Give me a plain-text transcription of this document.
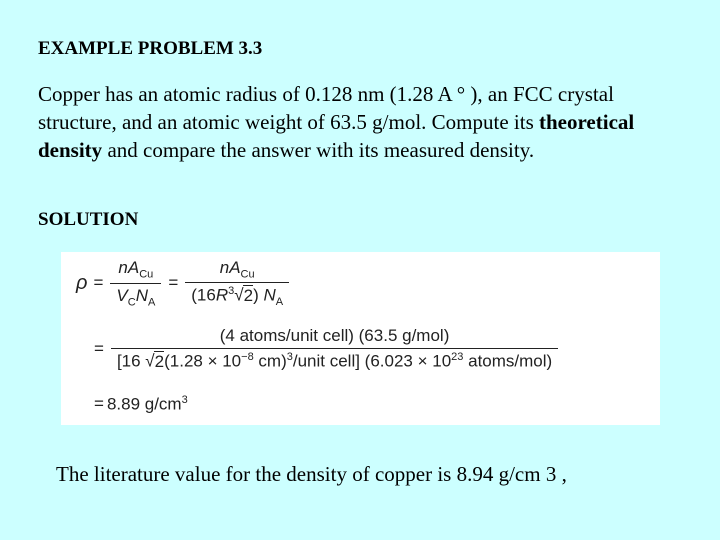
EXAMPLE PROBLEM 3.3
Copper has an atomic radius of 0.128 nm (1.28 A ° ), an FCC crystal structure, and an atomic weight of 63.5 g/mol. Compute its theoretical density and compare the answer with its measured density.
SOLUTION
$\rho = \frac{nA_{Cu}}{V_CN_A} = \frac{nA_{Cu}}{(16R^3√2) N_A}$
= $\frac{\text{(4 atoms/unit cell) (63.5 g/mol)}}{[16 √2(1.28 \times 10^{-8} cm)^3/unit cell] (6.023 \times 10^{23} atoms/mol)}$
= 8.89 $g/cm^3$
The literature value for the density of copper is 8.94 g/cm 3 ,
